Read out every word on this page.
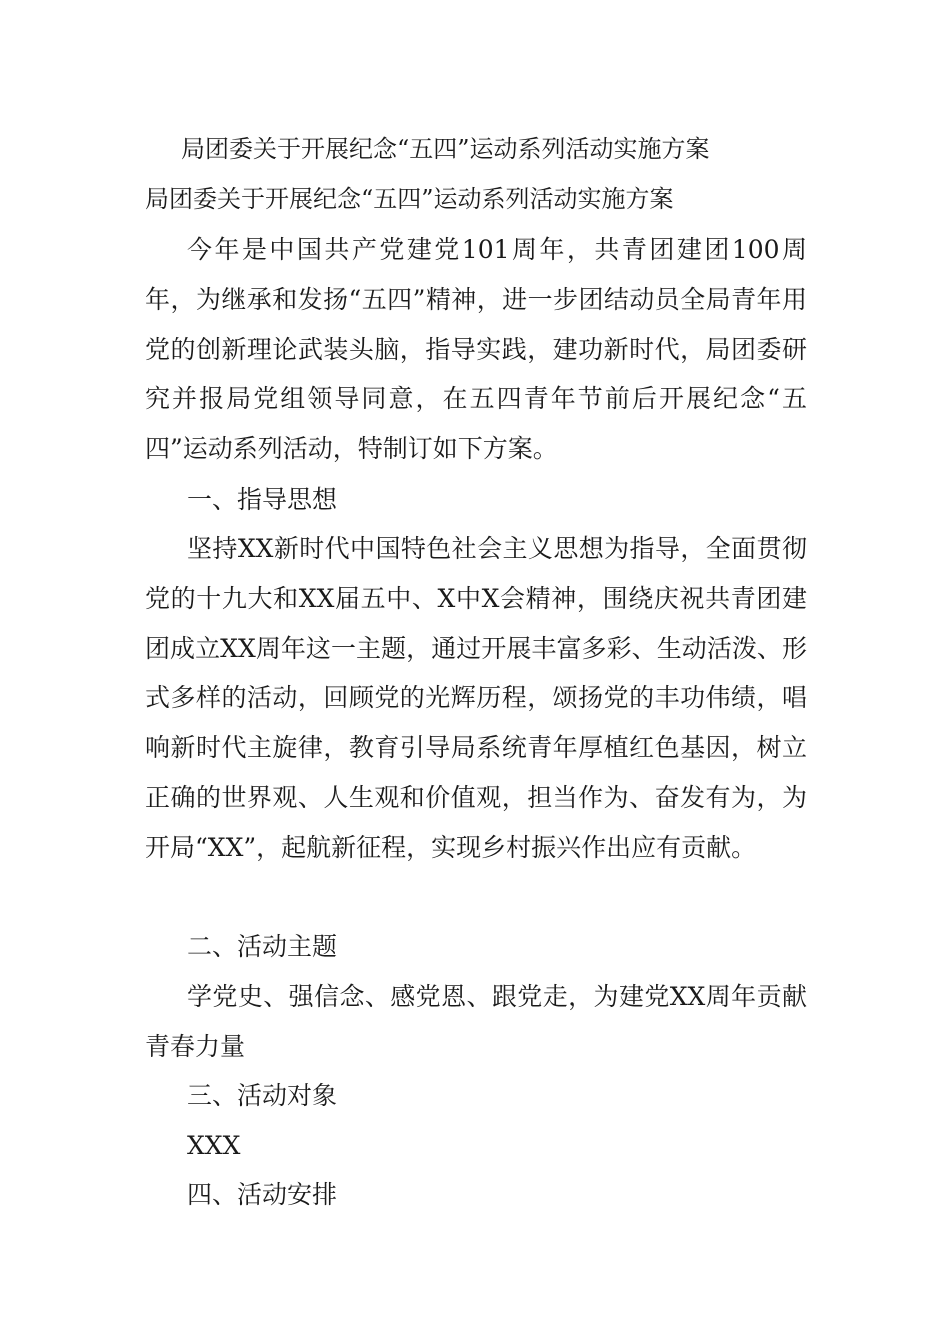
局团委关于开展纪念“五四”运动系列活动实施方案
局团委关于开展纪念“五四”运动系列活动实施方案

今年是中国共产党建党101周年，共青团建团100周年，为继承和发扬“五四”精神，进一步团结动员全局青年用党的创新理论武装头脑，指导实践，建功新时代，局团委研究并报局党组领导同意，在五四青年节前后开展纪念“五四”运动系列活动，特制订如下方案。

一、指导思想

坚持XX新时代中国特色社会主义思想为指导，全面贯彻党的十九大和XX届五中、X中X会精神，围绕庆祝共青团建团成立XX周年这一主题，通过开展丰富多彩、生动活泼、形式多样的活动，回顾党的光辉历程，颂扬党的丰功伟绩，唱响新时代主旋律，教育引导局系统青年厚植红色基因，树立正确的世界观、人生观和价值观，担当作为、奋发有为，为开局“XX”，起航新征程，实现乡村振兴作出应有贡献。

二、活动主题

学党史、强信念、感党恩、跟党走，为建党XX周年贡献青春力量

三、活动对象

XXX

四、活动安排
